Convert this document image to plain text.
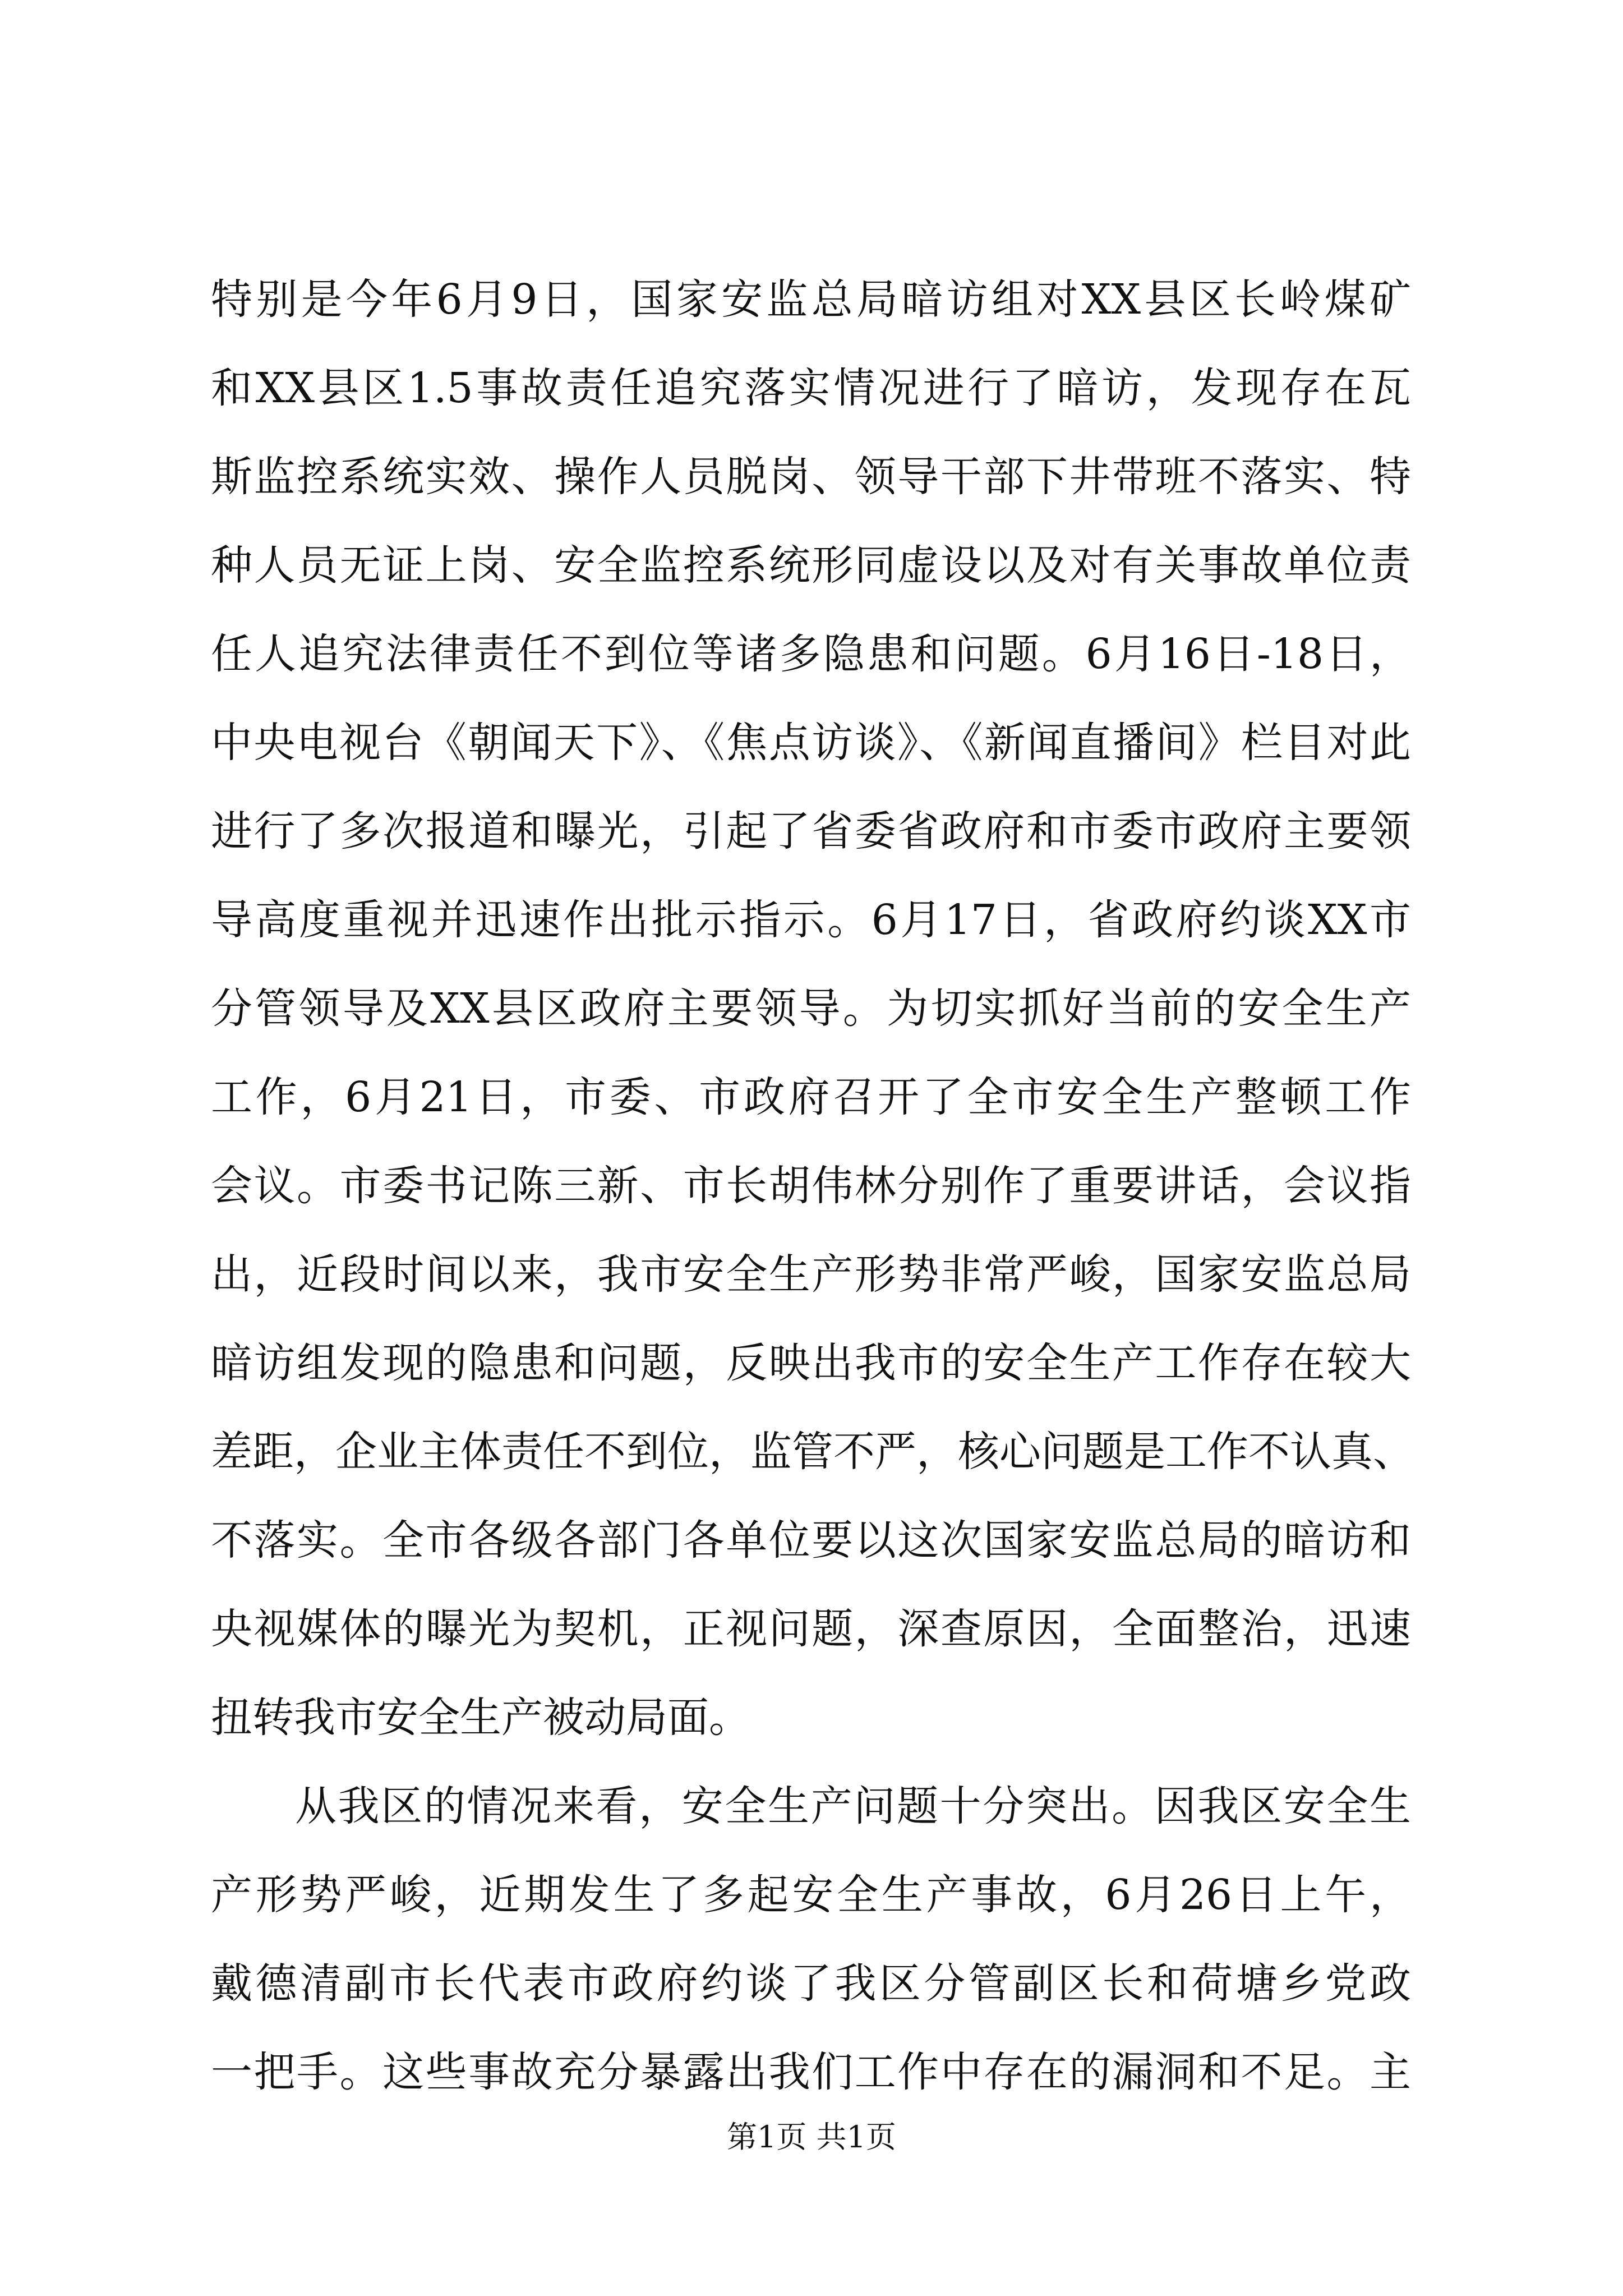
特别是今年6月9日，国家安监总局暗访组对XX县区长岭煤矿
和XX县区1.5事故责任追究落实情况进行了暗访，发现存在瓦
斯监控系统实效、操作人员脱岗、领导干部下井带班不落实、特
种人员无证上岗、安全监控系统形同虚设以及对有关事故单位责
任人追究法律责任不到位等诸多隐患和问题。6月16日-18日，
中央电视台《朝闻天下》、《焦点访谈》、《新闻直播间》栏目对此
进行了多次报道和曝光，引起了省委省政府和市委市政府主要领
导高度重视并迅速作出批示指示。6月17日，省政府约谈XX市
分管领导及XX县区政府主要领导。为切实抓好当前的安全生产
工作，6月21日，市委、市政府召开了全市安全生产整顿工作
会议。市委书记陈三新、市长胡伟林分别作了重要讲话，会议指
出，近段时间以来，我市安全生产形势非常严峻，国家安监总局
暗访组发现的隐患和问题，反映出我市的安全生产工作存在较大
差距，企业主体责任不到位，监管不严，核心问题是工作不认真、
不落实。全市各级各部门各单位要以这次国家安监总局的暗访和
央视媒体的曝光为契机，正视问题，深查原因，全面整治，迅速
扭转我市安全生产被动局面。
从我区的情况来看，安全生产问题十分突出。因我区安全生
产形势严峻，近期发生了多起安全生产事故，6月26日上午，
戴德清副市长代表市政府约谈了我区分管副区长和荷塘乡党政
一把手。这些事故充分暴露出我们工作中存在的漏洞和不足。主
第1页 共1页
